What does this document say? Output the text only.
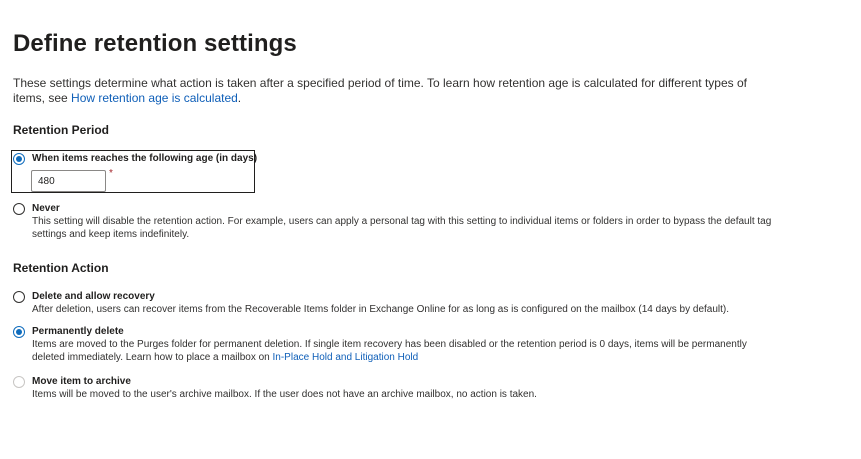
Define retention settings
These settings determine what action is taken after a specified period of time. To learn how retention age is calculated for different types of items, see How retention age is calculated.
Retention Period
When items reaches the following age (in days)
480
*
Never
This setting will disable the retention action. For example, users can apply a personal tag with this setting to individual items or folders in order to bypass the default tag settings and keep items indefinitely.
Retention Action
Delete and allow recovery
After deletion, users can recover items from the Recoverable Items folder in Exchange Online for as long as is configured on the mailbox (14 days by default).
Permanently delete
Items are moved to the Purges folder for permanent deletion. If single item recovery has been disabled or the retention period is 0 days, items will be permanently deleted immediately. Learn how to place a mailbox on In-Place Hold and Litigation Hold
Move item to archive
Items will be moved to the user's archive mailbox. If the user does not have an archive mailbox, no action is taken.
